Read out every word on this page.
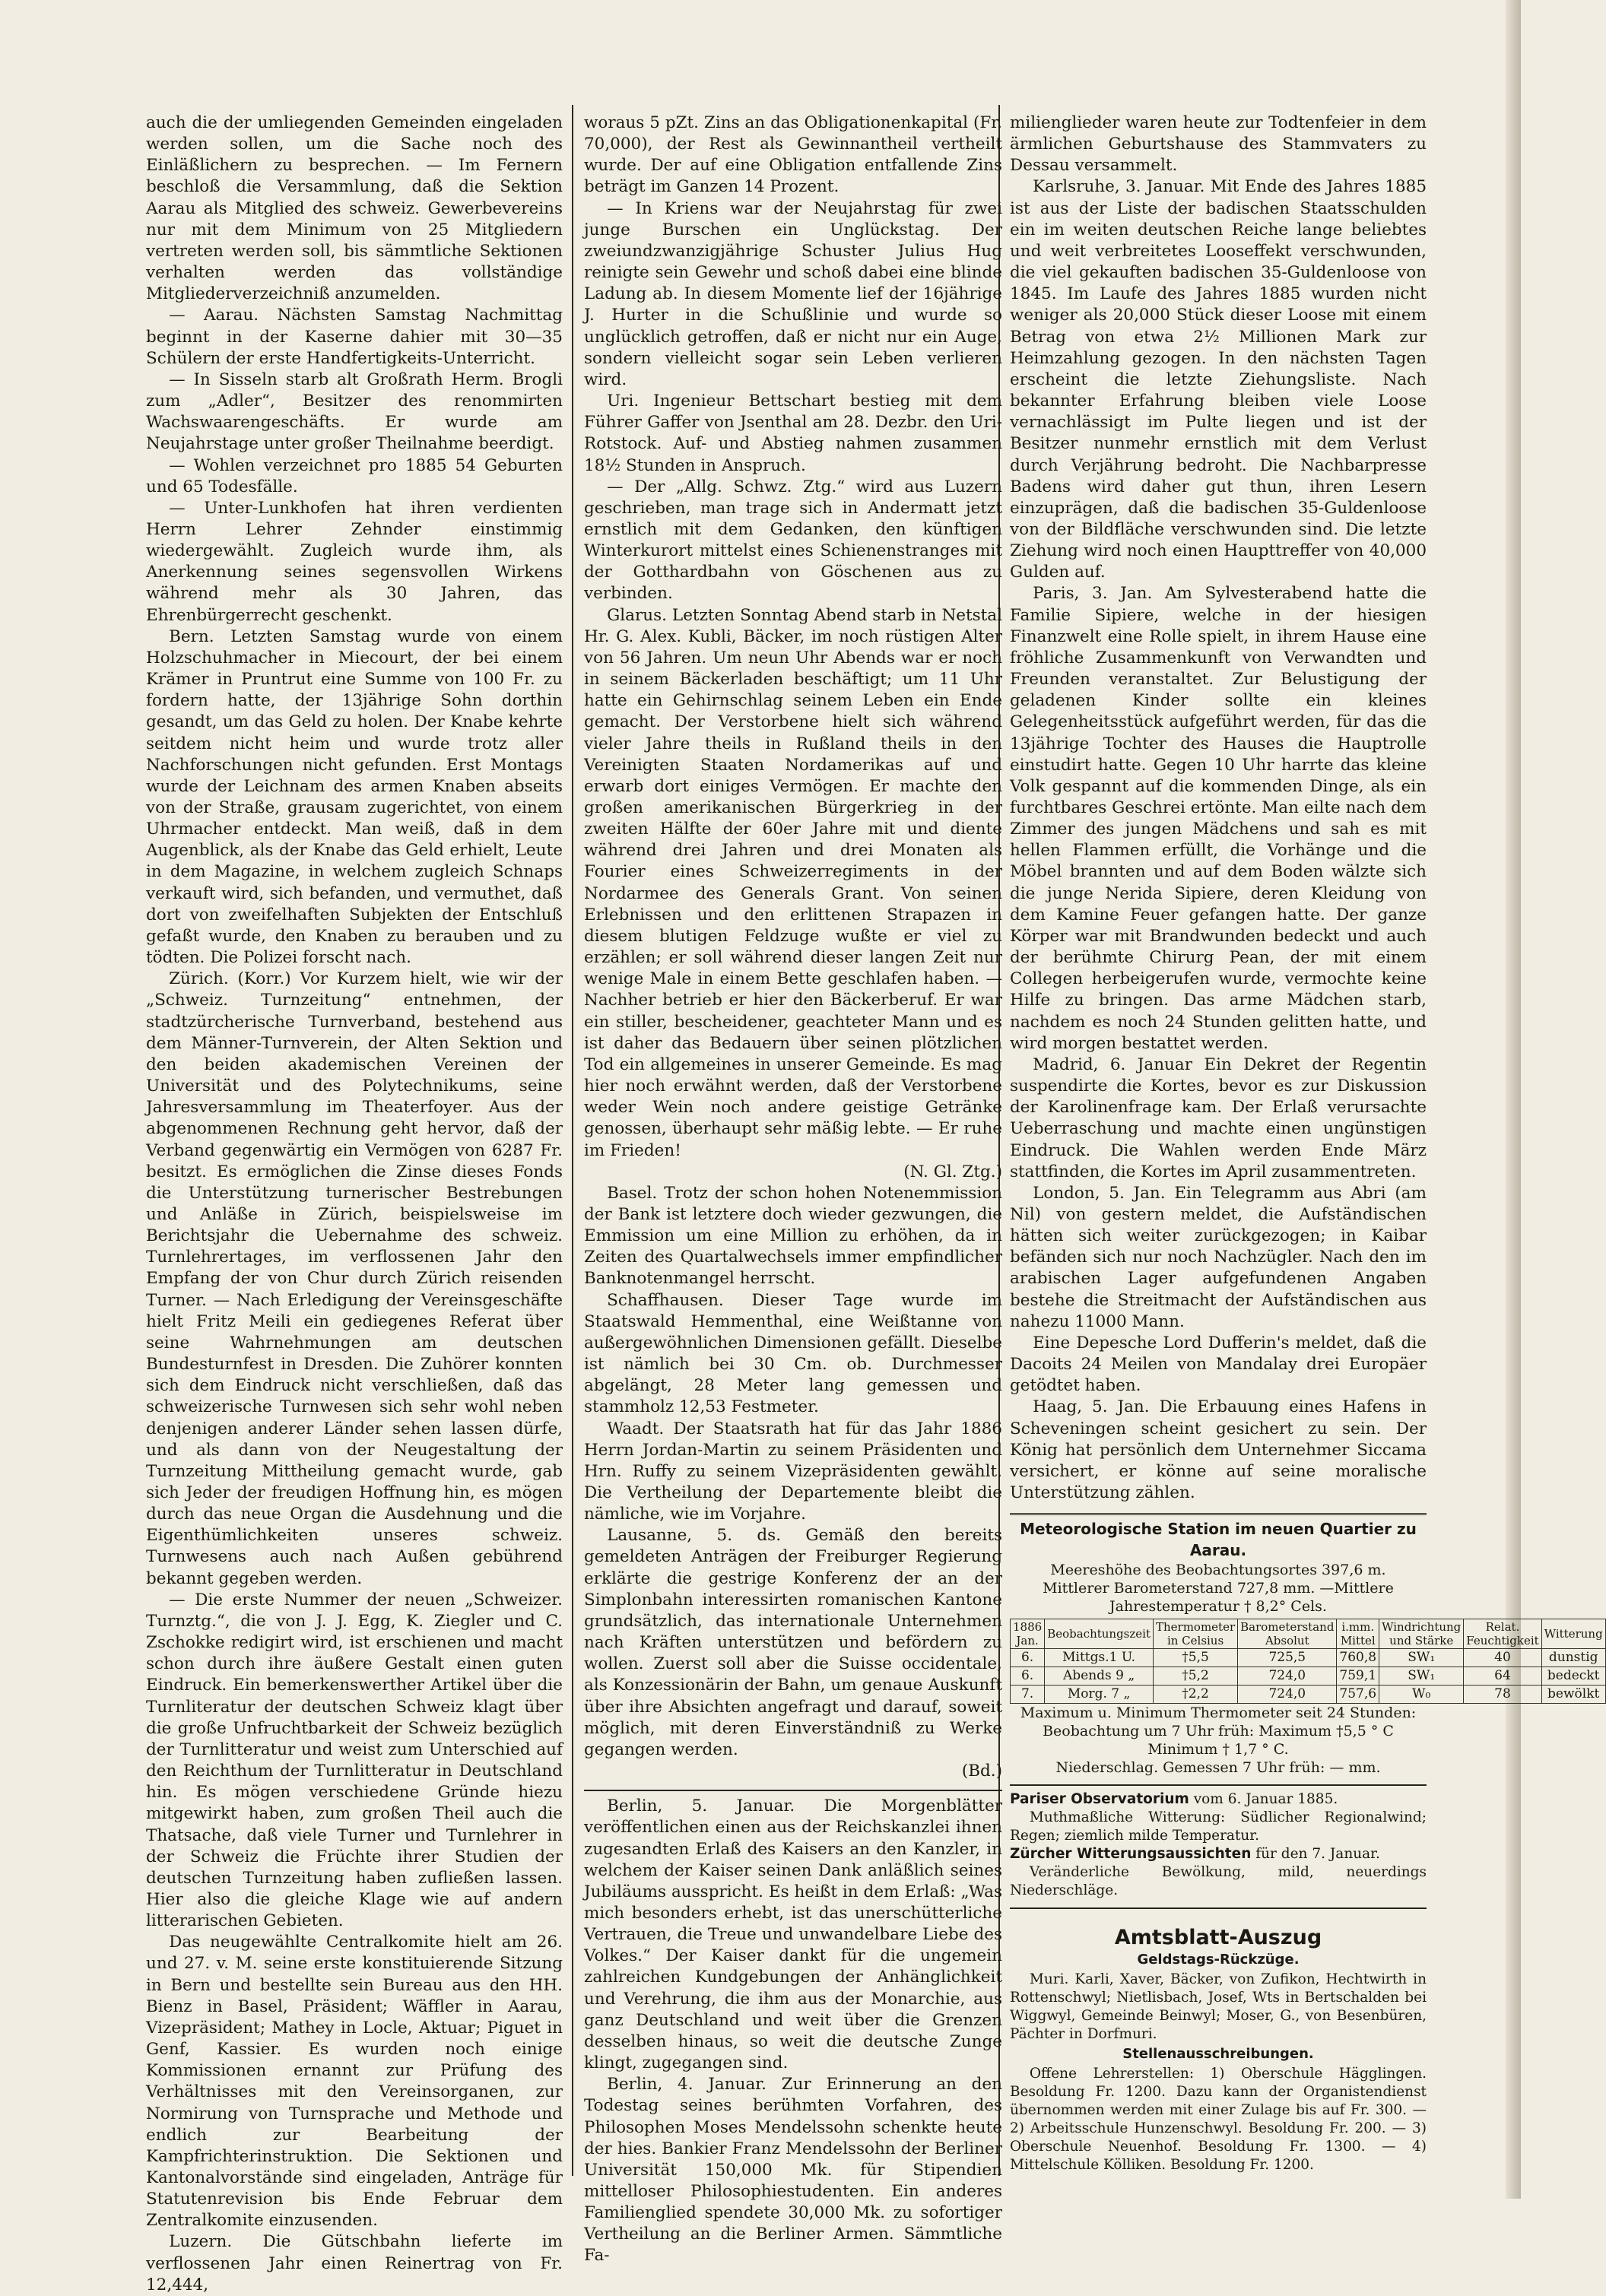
auch die der umliegenden Gemeinden eingeladen werden sollen, um die Sache noch des Einläßlichern zu besprechen. — Im Fernern beschloß die Versammlung, daß die Sektion Aarau als Mitglied des schweiz. Gewerbevereins nur mit dem Minimum von 25 Mitgliedern vertreten werden soll, bis sämmtliche Sektionen verhalten werden das vollständige Mitgliederverzeichniß anzumelden.

— Aarau. Nächsten Samstag Nachmittag beginnt in der Kaserne dahier mit 30—35 Schülern der erste Handfertigkeits-Unterricht.

— In Sisseln starb alt Großrath Herm. Brogli zum „Adler“, Besitzer des renommirten Wachswaarengeschäfts. Er wurde am Neujahrstage unter großer Theilnahme beerdigt.

— Wohlen verzeichnet pro 1885 54 Geburten und 65 Todesfälle.

— Unter-Lunkhofen hat ihren verdienten Herrn Lehrer Zehnder einstimmig wiedergewählt. Zugleich wurde ihm, als Anerkennung seines segensvollen Wirkens während mehr als 30 Jahren, das Ehrenbürgerrecht geschenkt.

Bern. Letzten Samstag wurde von einem Holzschuhmacher in Miecourt, der bei einem Krämer in Pruntrut eine Summe von 100 Fr. zu fordern hatte, der 13jährige Sohn dorthin gesandt, um das Geld zu holen. Der Knabe kehrte seitdem nicht heim und wurde trotz aller Nachforschungen nicht gefunden. Erst Montags wurde der Leichnam des armen Knaben abseits von der Straße, grausam zugerichtet, von einem Uhrmacher entdeckt. Man weiß, daß in dem Augenblick, als der Knabe das Geld erhielt, Leute in dem Magazine, in welchem zugleich Schnaps verkauft wird, sich befanden, und vermuthet, daß dort von zweifelhaften Subjekten der Entschluß gefaßt wurde, den Knaben zu berauben und zu tödten. Die Polizei forscht nach.

Zürich. (Korr.) Vor Kurzem hielt, wie wir der „Schweiz. Turnzeitung“ entnehmen, der stadtzürcherische Turnverband, bestehend aus dem Männer-Turnverein, der Alten Sektion und den beiden akademischen Vereinen der Universität und des Polytechnikums, seine Jahresversammlung im Theaterfoyer. Aus der abgenommenen Rechnung geht hervor, daß der Verband gegenwärtig ein Vermögen von 6287 Fr. besitzt. Es ermöglichen die Zinse dieses Fonds die Unterstützung turnerischer Bestrebungen und Anläße in Zürich, beispielsweise im Berichtsjahr die Uebernahme des schweiz. Turnlehrertages, im verflossenen Jahr den Empfang der von Chur durch Zürich reisenden Turner. — Nach Erledigung der Vereinsgeschäfte hielt Fritz Meili ein gediegenes Referat über seine Wahrnehmungen am deutschen Bundesturnfest in Dresden. Die Zuhörer konnten sich dem Eindruck nicht verschließen, daß das schweizerische Turnwesen sich sehr wohl neben denjenigen anderer Länder sehen lassen dürfe, und als dann von der Neugestaltung der Turnzeitung Mittheilung gemacht wurde, gab sich Jeder der freudigen Hoffnung hin, es mögen durch das neue Organ die Ausdehnung und die Eigenthümlichkeiten unseres schweiz. Turnwesens auch nach Außen gebührend bekannt gegeben werden.

— Die erste Nummer der neuen „Schweizer. Turnztg.“, die von J. J. Egg, K. Ziegler und C. Zschokke redigirt wird, ist erschienen und macht schon durch ihre äußere Gestalt einen guten Eindruck. Ein bemerkenswerther Artikel über die Turnliteratur der deutschen Schweiz klagt über die große Unfruchtbarkeit der Schweiz bezüglich der Turnlitteratur und weist zum Unterschied auf den Reichthum der Turnlitteratur in Deutschland hin. Es mögen verschiedene Gründe hiezu mitgewirkt haben, zum großen Theil auch die Thatsache, daß viele Turner und Turnlehrer in der Schweiz die Früchte ihrer Studien der deutschen Turnzeitung haben zufließen lassen. Hier also die gleiche Klage wie auf andern litterarischen Gebieten.

Das neugewählte Centralkomite hielt am 26. und 27. v. M. seine erste konstituierende Sitzung in Bern und bestellte sein Bureau aus den HH. Bienz in Basel, Präsident; Wäffler in Aarau, Vizepräsident; Mathey in Locle, Aktuar; Piguet in Genf, Kassier. Es wurden noch einige Kommissionen ernannt zur Prüfung des Verhältnisses mit den Vereinsorganen, zur Normirung von Turnsprache und Methode und endlich zur Bearbeitung der Kampfrichterinstruktion. Die Sektionen und Kantonalvorstände sind eingeladen, Anträge für Statutenrevision bis Ende Februar dem Zentralkomite einzusenden.

Luzern. Die Gütschbahn lieferte im verflossenen Jahr einen Reinertrag von Fr. 12,444,

woraus 5 pZt. Zins an das Obligationenkapital (Fr. 70,000), der Rest als Gewinnantheil vertheilt wurde. Der auf eine Obligation entfallende Zins beträgt im Ganzen 14 Prozent.

— In Kriens war der Neujahrstag für zwei junge Burschen ein Unglückstag. Der zweiundzwanzigjährige Schuster Julius Hug reinigte sein Gewehr und schoß dabei eine blinde Ladung ab. In diesem Momente lief der 16jährige J. Hurter in die Schußlinie und wurde so unglücklich getroffen, daß er nicht nur ein Auge, sondern vielleicht sogar sein Leben verlieren wird.

Uri. Ingenieur Bettschart bestieg mit dem Führer Gaffer von Jsenthal am 28. Dezbr. den Uri-Rotstock. Auf- und Abstieg nahmen zusammen 18½ Stunden in Anspruch.

— Der „Allg. Schwz. Ztg.“ wird aus Luzern geschrieben, man trage sich in Andermatt jetzt ernstlich mit dem Gedanken, den künftigen Winterkurort mittelst eines Schienenstranges mit der Gotthardbahn von Göschenen aus zu verbinden.

Glarus. Letzten Sonntag Abend starb in Netstal Hr. G. Alex. Kubli, Bäcker, im noch rüstigen Alter von 56 Jahren. Um neun Uhr Abends war er noch in seinem Bäckerladen beschäftigt; um 11 Uhr hatte ein Gehirnschlag seinem Leben ein Ende gemacht. Der Verstorbene hielt sich während vieler Jahre theils in Rußland theils in den Vereinigten Staaten Nordamerikas auf und erwarb dort einiges Vermögen. Er machte den großen amerikanischen Bürgerkrieg in der zweiten Hälfte der 60er Jahre mit und diente während drei Jahren und drei Monaten als Fourier eines Schweizerregiments in der Nordarmee des Generals Grant. Von seinen Erlebnissen und den erlittenen Strapazen in diesem blutigen Feldzuge wußte er viel zu erzählen; er soll während dieser langen Zeit nur wenige Male in einem Bette geschlafen haben. — Nachher betrieb er hier den Bäckerberuf. Er war ein stiller, bescheidener, geachteter Mann und es ist daher das Bedauern über seinen plötzlichen Tod ein allgemeines in unserer Gemeinde. Es mag hier noch erwähnt werden, daß der Verstorbene weder Wein noch andere geistige Getränke genossen, überhaupt sehr mäßig lebte. — Er ruhe im Frieden!

(N. Gl. Ztg.)

Basel. Trotz der schon hohen Notenemmission der Bank ist letztere doch wieder gezwungen, die Emmission um eine Million zu erhöhen, da in Zeiten des Quartalwechsels immer empfindlicher Banknotenmangel herrscht.

Schaffhausen. Dieser Tage wurde im Staatswald Hemmenthal, eine Weißtanne von außergewöhnlichen Dimensionen gefällt. Dieselbe ist nämlich bei 30 Cm. ob. Durchmesser abgelängt, 28 Meter lang gemessen und stammholz 12,53 Festmeter.

Waadt. Der Staatsrath hat für das Jahr 1886 Herrn Jordan-Martin zu seinem Präsidenten und Hrn. Ruffy zu seinem Vizepräsidenten gewählt. Die Vertheilung der Departemente bleibt die nämliche, wie im Vorjahre.

Lausanne, 5. ds. Gemäß den bereits gemeldeten Anträgen der Freiburger Regierung erklärte die gestrige Konferenz der an der Simplonbahn interessirten romanischen Kantone grundsätzlich, das internationale Unternehmen nach Kräften unterstützen und befördern zu wollen. Zuerst soll aber die Suisse occidentale, als Konzessionärin der Bahn, um genaue Auskunft über ihre Absichten angefragt und darauf, soweit möglich, mit deren Einverständniß zu Werke gegangen werden.

(Bd.)

Berlin, 5. Januar. Die Morgenblätter veröffentlichen einen aus der Reichskanzlei ihnen zugesandten Erlaß des Kaisers an den Kanzler, in welchem der Kaiser seinen Dank anläßlich seines Jubiläums ausspricht. Es heißt in dem Erlaß: „Was mich besonders erhebt, ist das unerschütterliche Vertrauen, die Treue und unwandelbare Liebe des Volkes.“ Der Kaiser dankt für die ungemein zahlreichen Kundgebungen der Anhänglichkeit und Verehrung, die ihm aus der Monarchie, aus ganz Deutschland und weit über die Grenzen desselben hinaus, so weit die deutsche Zunge klingt, zugegangen sind.

Berlin, 4. Januar. Zur Erinnerung an den Todestag seines berühmten Vorfahren, des Philosophen Moses Mendelssohn schenkte heute der hies. Bankier Franz Mendelssohn der Berliner Universität 150,000 Mk. für Stipendien mittelloser Philosophiestudenten. Ein anderes Familienglied spendete 30,000 Mk. zu sofortiger Vertheilung an die Berliner Armen. Sämmtliche Fa-

milienglieder waren heute zur Todtenfeier in dem ärmlichen Geburtshause des Stammvaters zu Dessau versammelt.

Karlsruhe, 3. Januar. Mit Ende des Jahres 1885 ist aus der Liste der badischen Staatsschulden ein im weiten deutschen Reiche lange beliebtes und weit verbreitetes Looseffekt verschwunden, die viel gekauften badischen 35-Guldenloose von 1845. Im Laufe des Jahres 1885 wurden nicht weniger als 20,000 Stück dieser Loose mit einem Betrag von etwa 2½ Millionen Mark zur Heimzahlung gezogen. In den nächsten Tagen erscheint die letzte Ziehungsliste. Nach bekannter Erfahrung bleiben viele Loose vernachlässigt im Pulte liegen und ist der Besitzer nunmehr ernstlich mit dem Verlust durch Verjährung bedroht. Die Nachbarpresse Badens wird daher gut thun, ihren Lesern einzuprägen, daß die badischen 35-Guldenloose von der Bildfläche verschwunden sind. Die letzte Ziehung wird noch einen Haupttreffer von 40,000 Gulden auf.

Paris, 3. Jan. Am Sylvesterabend hatte die Familie Sipiere, welche in der hiesigen Finanzwelt eine Rolle spielt, in ihrem Hause eine fröhliche Zusammenkunft von Verwandten und Freunden veranstaltet. Zur Belustigung der geladenen Kinder sollte ein kleines Gelegenheitsstück aufgeführt werden, für das die 13jährige Tochter des Hauses die Hauptrolle einstudirt hatte. Gegen 10 Uhr harrte das kleine Volk gespannt auf die kommenden Dinge, als ein furchtbares Geschrei ertönte. Man eilte nach dem Zimmer des jungen Mädchens und sah es mit hellen Flammen erfüllt, die Vorhänge und die Möbel brannten und auf dem Boden wälzte sich die junge Nerida Sipiere, deren Kleidung von dem Kamine Feuer gefangen hatte. Der ganze Körper war mit Brandwunden bedeckt und auch der berühmte Chirurg Pean, der mit einem Collegen herbeigerufen wurde, vermochte keine Hilfe zu bringen. Das arme Mädchen starb, nachdem es noch 24 Stunden gelitten hatte, und wird morgen bestattet werden.

Madrid, 6. Januar Ein Dekret der Regentin suspendirte die Kortes, bevor es zur Diskussion der Karolinenfrage kam. Der Erlaß verursachte Ueberraschung und machte einen ungünstigen Eindruck. Die Wahlen werden Ende März stattfinden, die Kortes im April zusammentreten.

London, 5. Jan. Ein Telegramm aus Abri (am Nil) von gestern meldet, die Aufständischen hätten sich weiter zurückgezogen; in Kaibar befänden sich nur noch Nachzügler. Nach den im arabischen Lager aufgefundenen Angaben bestehe die Streitmacht der Aufständischen aus nahezu 11000 Mann.

Eine Depesche Lord Dufferin's meldet, daß die Dacoits 24 Meilen von Mandalay drei Europäer getödtet haben.

Haag, 5. Jan. Die Erbauung eines Hafens in Scheveningen scheint gesichert zu sein. Der König hat persönlich dem Unternehmer Siccama versichert, er könne auf seine moralische Unterstützung zählen.

Meteorologische Station im neuen Quartier zu Aarau.
Meereshöhe des Beobachtungsortes 397,6 m.
Mittlerer Barometerstand 727,8 mm. —Mittlere Jahrestemperatur † 8,2° Cels.
1886 Jan.	Beobachtungszeit	Thermometer in Celsius	Barometerstand Absolut	i.mm. Mittel	Windrichtung und Stärke	Relat. Feuchtigkeit	Witterung
6.	Mittgs.1 U.	†5,5	725,5	760,8	SW₁	40	dunstig
6.	Abends 9 „	†5,2	724,0	759,1	SW₁	64	bedeckt
7.	Morg. 7 „	†2,2	724,0	757,6	W₀	78	bewölkt
Maximum u. Minimum Thermometer seit 24 Stunden:
Beobachtung um 7 Uhr früh: Maximum †5,5 ° C
Minimum † 1,7 ° C.
Niederschlag. Gemessen 7 Uhr früh: — mm.

Pariser Observatorium vom 6. Januar 1885.

Muthmaßliche Witterung: Südlicher Regionalwind; Regen; ziemlich milde Temperatur.

Zürcher Witterungsaussichten für den 7. Januar.

Veränderliche Bewölkung, mild, neuerdings Niederschläge.

Amtsblatt-Auszug
Geldstags-Rückzüge.

Muri. Karli, Xaver, Bäcker, von Zufikon, Hechtwirth in Rottenschwyl; Nietlisbach, Josef, Wts in Bertschalden bei Wiggwyl, Gemeinde Beinwyl; Moser, G., von Besenbüren, Pächter in Dorfmuri.

Stellenausschreibungen.

Offene Lehrerstellen: 1) Oberschule Hägglingen. Besoldung Fr. 1200. Dazu kann der Organistendienst übernommen werden mit einer Zulage bis auf Fr. 300. — 2) Arbeitsschule Hunzenschwyl. Besoldung Fr. 200. — 3) Oberschule Neuenhof. Besoldung Fr. 1300. — 4) Mittelschule Kölliken. Besoldung Fr. 1200.
